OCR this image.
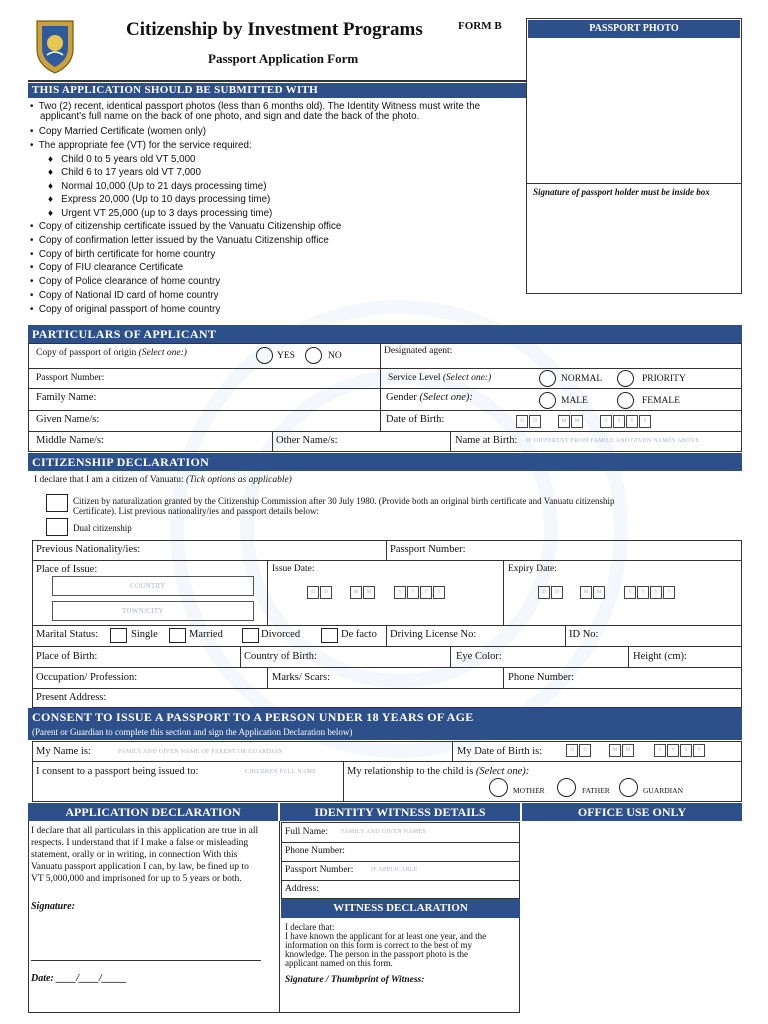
Citizenship by Investment Programs	FORM B
Passport Application Form
PASSPORT PHOTO
Signature of passport holder must be inside box
THIS APPLICATION SHOULD BE SUBMITTED WITH
•  Two (2) recent, identical passport photos (less than 6 months old). The Identity Witness must write the
applicant's full name on the back of one photo, and sign and date the back of the photo.
•  Copy Married Certificate (women only)
•  The appropriate fee (VT) for the service required:
♦   Child 0 to 5 years old VT 5,000
♦   Child 6 to 17 years old VT 7,000
♦   Normal 10,000 (Up to 21 days processing time)
♦   Express 20,000 (Up to 10 days processing time)
♦   Urgent VT 25,000 (up to 3 days processing time)
•  Copy of citizenship certificate issued by the Vanuatu Citizenship office
•  Copy of confirmation letter issued by the Vanuatu Citizenship office
•  Copy of birth certificate for home country
•  Copy of FIU clearance Certificate
•  Copy of Police clearance of home country
•  Copy of National ID card of home country
•  Copy of original passport of home country
PARTICULARS OF APPLICANT
Copy of passport of origin (Select one:)	YES	NO	Designated agent:
Passport Number:	Service Level (Select one:)	NORMAL	PRIORITY
Family Name:	Gender (Select one):	MALE	FEMALE
Given Name/s:	Date of Birth:	D	D	M	M	Y	Y	Y	Y
Middle Name/s:	Other Name/s:	Name at Birth: IF DIFFERENT FROM FAMILY AND GIVEN NAMES ABOVE
CITIZENSHIP DECLARATION
I declare that I am a citizen of Vanuatu: (Tick options as applicable)
Citizen by naturalization granted by the Citizenship Commission after 30 July 1980. (Provide both an original birth certificate and Vanuatu citizenship
Certificate). List previous nationality/ies and passport details below:
Dual citizenship
Previous Nationality/ies:	Passport Number:
Place of Issue:
COUNTRY
TOWN/CITY
Issue Date:
D	D	M	M	Y	Y	Y	Y
Expiry Date:
D	D	M	M	Y	Y	Y	Y
Marital Status:	Single	Married	Divorced	De facto Driving License No:	ID No:
Place of Birth:	Country of Birth:	Eye Color:	Height (cm):
Occupation/ Profession:	Marks/ Scars:	Phone Number:
Present Address:
CONSENT TO ISSUE A PASSPORT TO A PERSON UNDER 18 YEARS OF AGE
(Parent or Guardian to complete this section and sign the Application Declaration below)
My Name is:	FAMILY AND GIVEN NAME OF PARENT OR GUARDIAN	My Date of Birth is:	D	D	M	M	Y	Y	Y	Y
I consent to a passport being issued to:	CHILDREN FULL NAME	My relationship to the child is (Select one):
MOTHER	FATHER	GUARDIAN
APPLICATION DECLARATION	IDENTITY WITNESS DETAILS	OFFICE USE ONLY
I declare that all particulars in this application are true in all
respects. I understand that if I make a false or misleading
statement, orally or in writing, in connection With this
Vanuatu passport application I can, by law, be fined up to
VT 5,000,000 and imprisoned for up to 5 years or both.
Signature:
Date: ____/____/_____
Full Name: FAMILY AND GIVEN NAMES
Phone Number:
Passport Number:	IF APPLICABLE
Address:
WITNESS DECLARATION
I declare that:
I have known the applicant for at least one year, and the
information on this form is correct to the best of my
knowledge. The person in the passport photo is the
applicant named on this form.
Signature / Thumbprint of Witness:
